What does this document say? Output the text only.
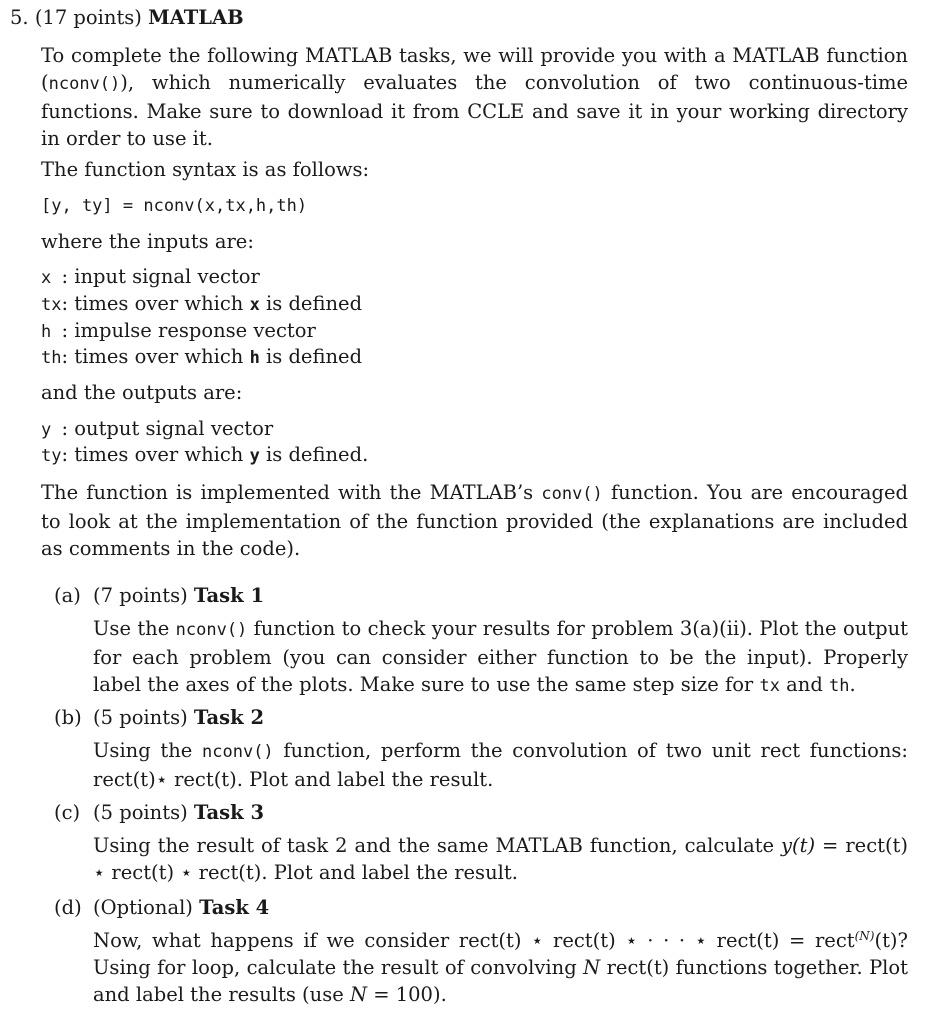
5. (17 points) MATLAB
To complete the following MATLAB tasks, we will provide you with a MATLAB function (nconv()), which numerically evaluates the convolution of two continuous-time functions. Make sure to download it from CCLE and save it in your working directory in order to use it.
The function syntax is as follows:
[y, ty] = nconv(x,tx,h,th)
where the inputs are:
x : input signal vector
tx: times over which x is defined
h : impulse response vector
th: times over which h is defined
and the outputs are:
y : output signal vector
ty: times over which y is defined.
The function is implemented with the MATLAB’s conv() function. You are encouraged to look at the implementation of the function provided (the explanations are included as comments in the code).
(a) (7 points) Task 1
Use the nconv() function to check your results for problem 3(a)(ii). Plot the output for each problem (you can consider either function to be the input). Properly label the axes of the plots. Make sure to use the same step size for tx and th.
(b) (5 points) Task 2
Using the nconv() function, perform the convolution of two unit rect functions: rect(t)⋆ rect(t). Plot and label the result.
(c) (5 points) Task 3
Using the result of task 2 and the same MATLAB function, calculate y(t) = rect(t) ⋆ rect(t) ⋆ rect(t). Plot and label the result.
(d) (Optional) Task 4
Now, what happens if we consider rect(t) ⋆ rect(t) ⋆ · · · ⋆ rect(t) = rect$^{(N)}$(t)? Using for loop, calculate the result of convolving N rect(t) functions together. Plot and label the results (use N = 100).
